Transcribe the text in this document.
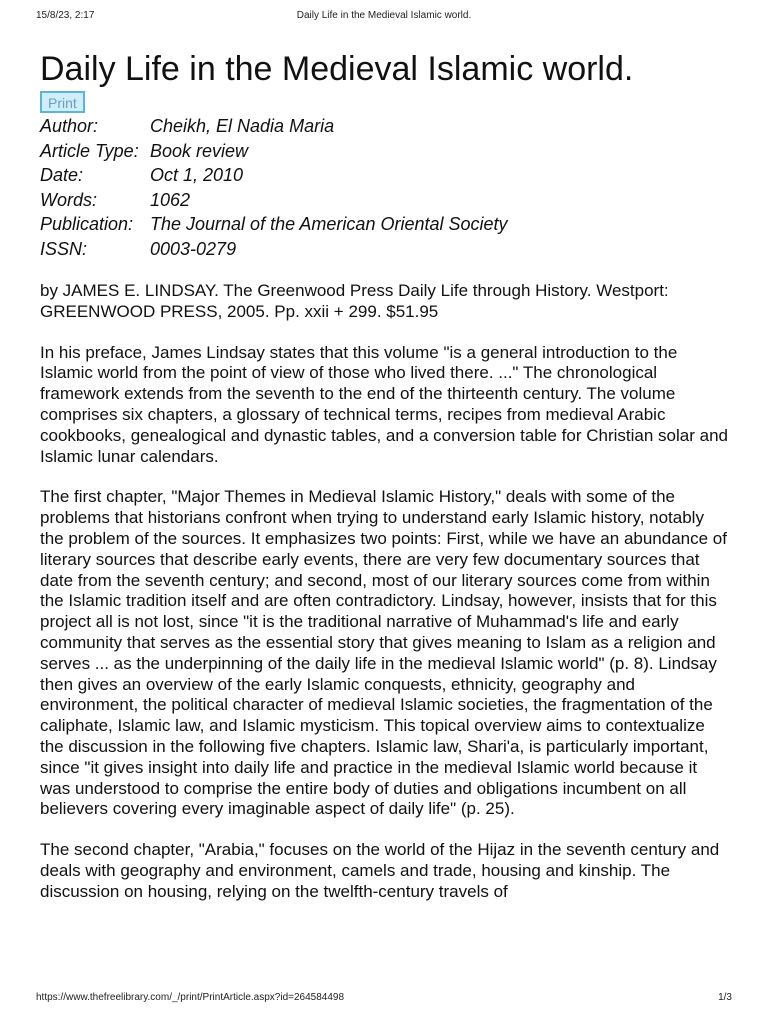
15/8/23, 2:17	Daily Life in the Medieval Islamic world.
Daily Life in the Medieval Islamic world.
Print
Author:	Cheikh, El Nadia Maria
Article Type:	Book review
Date:	Oct 1, 2010
Words:	1062
Publication:	The Journal of the American Oriental Society
ISSN:	0003-0279

by JAMES E. LINDSAY. The Greenwood Press Daily Life through History. Westport: GREENWOOD PRESS, 2005. Pp. xxii + 299. $51.95

In his preface, James Lindsay states that this volume "is a general introduction to the Islamic world from the point of view of those who lived there. ..." The chronological framework extends from the seventh to the end of the thirteenth century. The volume comprises six chapters, a glossary of technical terms, recipes from medieval Arabic cookbooks, genealogical and dynastic tables, and a conversion table for Christian solar and Islamic lunar calendars.

The first chapter, "Major Themes in Medieval Islamic History," deals with some of the problems that historians confront when trying to understand early Islamic history, notably the problem of the sources. It emphasizes two points: First, while we have an abundance of literary sources that describe early events, there are very few documentary sources that date from the seventh century; and second, most of our literary sources come from within the Islamic tradition itself and are often contradictory. Lindsay, however, insists that for this project all is not lost, since "it is the traditional narrative of Muhammad's life and early community that serves as the essential story that gives meaning to Islam as a religion and serves ... as the underpinning of the daily life in the medieval Islamic world" (p. 8). Lindsay then gives an overview of the early Islamic conquests, ethnicity, geography and environment, the political character of medieval Islamic societies, the fragmentation of the caliphate, Islamic law, and Islamic mysticism. This topical overview aims to contextualize the discussion in the following five chapters. Islamic law, Shari'a, is particularly important, since "it gives insight into daily life and practice in the medieval Islamic world because it was understood to comprise the entire body of duties and obligations incumbent on all believers covering every imaginable aspect of daily life" (p. 25).

The second chapter, "Arabia," focuses on the world of the Hijaz in the seventh century and deals with geography and environment, camels and trade, housing and kinship. The discussion on housing, relying on the twelfth-century travels of

https://www.thefreelibrary.com/_/print/PrintArticle.aspx?id=264584498	1/3
